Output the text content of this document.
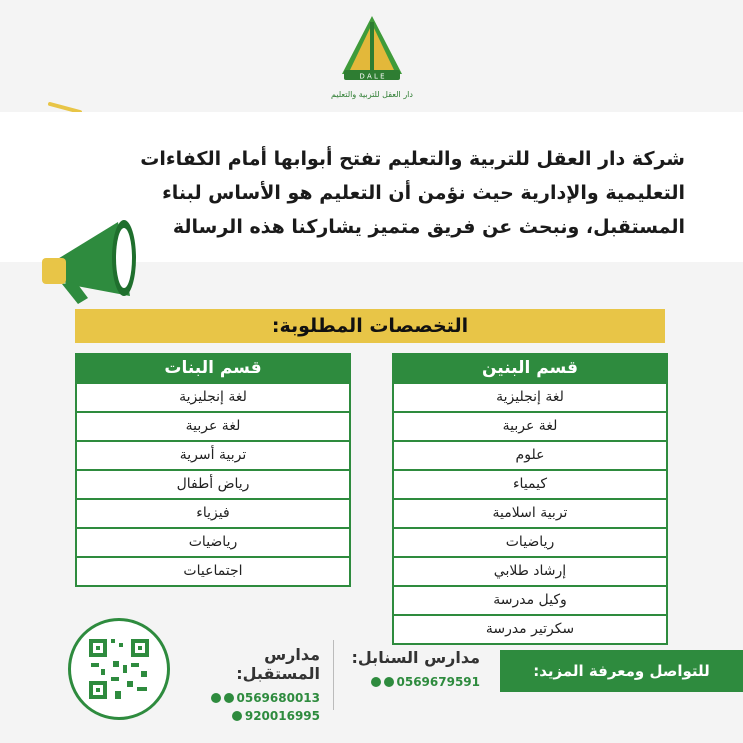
D A L E
دار العقل للتربية والتعليم
شركة دار العقل للتربية والتعليم تفتح أبوابها أمام الكفاءات التعليمية والإدارية حيث نؤمن أن التعليم هو الأساس لبناء المستقبل، ونبحث عن فريق متميز يشاركنا هذه الرسالة
التخصصات المطلوبة:
قسم البنين
لغة إنجليزية
لغة عربية
علوم
كيمياء
تربية اسلامية
رياضيات
إرشاد طلابي
وكيل مدرسة
سكرتير مدرسة
قسم البنات
لغة إنجليزية
لغة عربية
تربية أسرية
رياض أطفال
فيزياء
رياضيات
اجتماعيات
مدارس المستقبل:
0569680013
920016995
مدارس السنابل:
0569679591
للتواصل ومعرفة المزيد:
